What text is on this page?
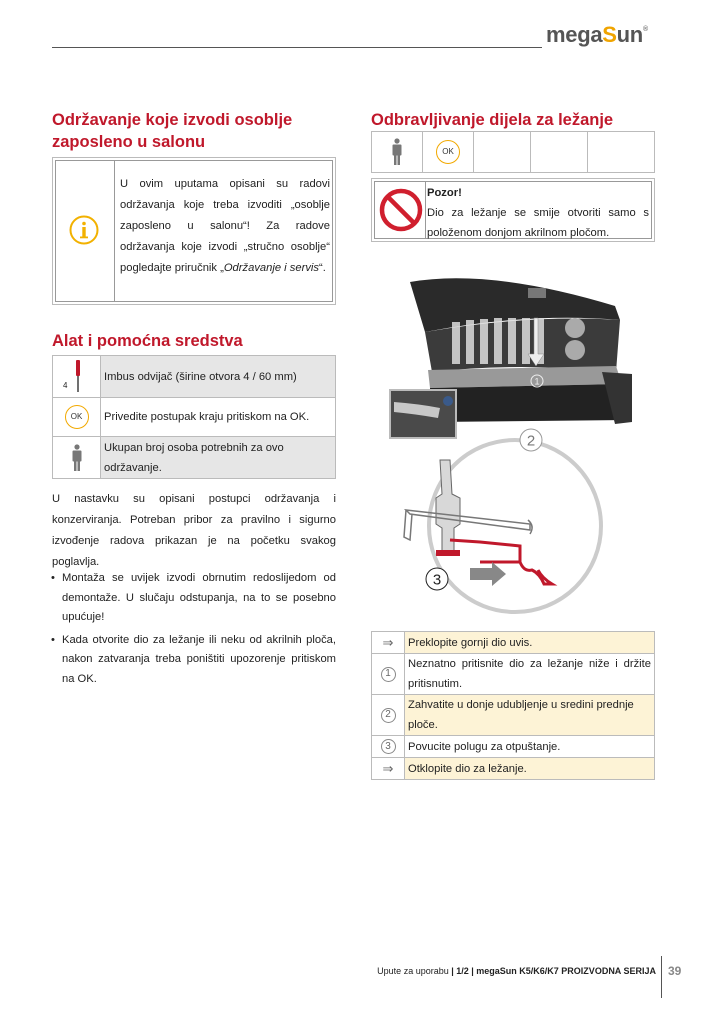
megaSun®
Održavanje koje izvodi osoblje
zaposleno u salonu
U ovim uputama opisani su radovi održavanja koje treba izvoditi „osoblje zaposleno u salonu“! Za radove održavanja koje izvodi „stručno osoblje“ pogledajte priručnik „Održavanje i servis“.
Alat i pomoćna sredstva
4	Imbus odvijač (širine otvora 4 / 60 mm)

OK	Privedite postupak kraju pritiskom na OK.

	Ukupan broj osoba potrebnih za ovo održavanje.
U nastavku su opisani postupci održavanja i konzerviranja. Potreban pribor za pravilno i sigurno izvođenje radova prikazan je na početku svakog poglavlja.
• Montaža se uvijek izvodi obrnutim redoslijedom od demontaže. U slučaju odstupanja, na to se posebno upućuje!
• Kada otvorite dio za ležanje ili neku od akrilnih ploča, nakon zatvaranja treba poništiti upozorenje pritiskom na OK.
Odbravljivanje dijela za ležanje

OK

Pozor!
Dio za ležanje se smije otvoriti samo s položenom donjom akrilnom pločom.
1
2
3
⇒	Preklopite gornji dio uvis.

1	Neznatno pritisnite dio za ležanje niže i držite pritisnutim.

2	Zahvatite u donje udubljenje u sredini prednje ploče.

3	Povucite polugu za otpuštanje.
⇒	Otklopite dio za ležanje.
Upute za uporabu | 1/2 | megaSun K5/K6/K7 PROIZVODNA SERIJA 39
